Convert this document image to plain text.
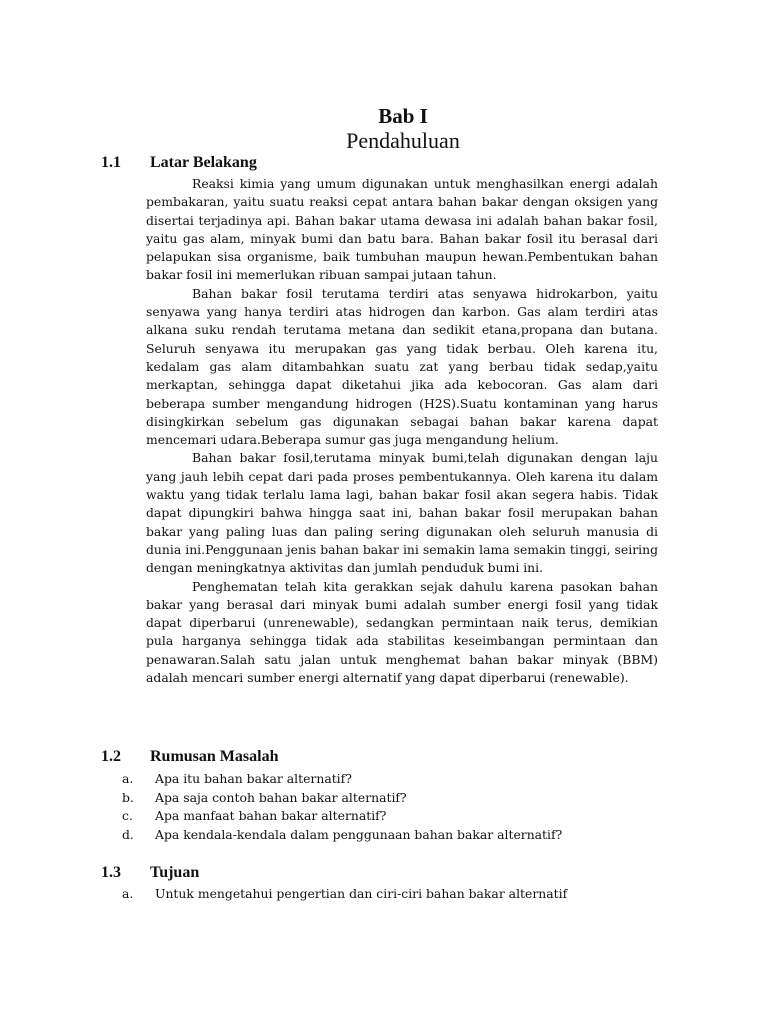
Bab I
Pendahuluan
1.1 Latar Belakang

Reaksi kimia yang umum digunakan untuk menghasilkan energi adalah pembakaran, yaitu suatu reaksi cepat antara bahan bakar dengan oksigen yang disertai terjadinya api. Bahan bakar utama dewasa ini adalah bahan bakar fosil, yaitu gas alam, minyak bumi dan batu bara. Bahan bakar fosil itu berasal dari pelapukan sisa organisme, baik tumbuhan maupun hewan.Pembentukan bahan bakar fosil ini memerlukan ribuan sampai jutaan tahun.

Bahan bakar fosil terutama terdiri atas senyawa hidrokarbon, yaitu senyawa yang hanya terdiri atas hidrogen dan karbon. Gas alam terdiri atas alkana suku rendah terutama metana dan sedikit etana,propana dan butana. Seluruh senyawa itu merupakan gas yang tidak berbau. Oleh karena itu, kedalam gas alam ditambahkan suatu zat yang berbau tidak sedap,yaitu merkaptan, sehingga dapat diketahui jika ada kebocoran. Gas alam dari beberapa sumber mengandung hidrogen (H2S).Suatu kontaminan yang harus disingkirkan sebelum gas digunakan sebagai bahan bakar karena dapat mencemari udara.Beberapa sumur gas juga mengandung helium.

Bahan bakar fosil,terutama minyak bumi,telah digunakan dengan laju yang jauh lebih cepat dari pada proses pembentukannya. Oleh karena itu dalam waktu yang tidak terlalu lama lagi, bahan bakar fosil akan segera habis. Tidak dapat dipungkiri bahwa hingga saat ini, bahan bakar fosil merupakan bahan bakar yang paling luas dan paling sering digunakan oleh seluruh manusia di dunia ini.Penggunaan jenis bahan bakar ini semakin lama semakin tinggi, seiring dengan meningkatnya aktivitas dan jumlah penduduk bumi ini.

Penghematan telah kita gerakkan sejak dahulu karena pasokan bahan bakar yang berasal dari minyak bumi adalah sumber energi fosil yang tidak dapat diperbarui (unrenewable), sedangkan permintaan naik terus, demikian pula harganya sehingga tidak ada stabilitas keseimbangan permintaan dan penawaran.Salah satu jalan untuk menghemat bahan bakar minyak (BBM) adalah mencari sumber energi alternatif yang dapat diperbarui (renewable).

1.2 Rumusan Masalah
a. Apa itu bahan bakar alternatif?
b. Apa saja contoh bahan bakar alternatif?
c. Apa manfaat bahan bakar alternatif?
d. Apa kendala-kendala dalam penggunaan bahan bakar alternatif?
1.3 Tujuan
a. Untuk mengetahui pengertian dan ciri-ciri bahan bakar alternatif
